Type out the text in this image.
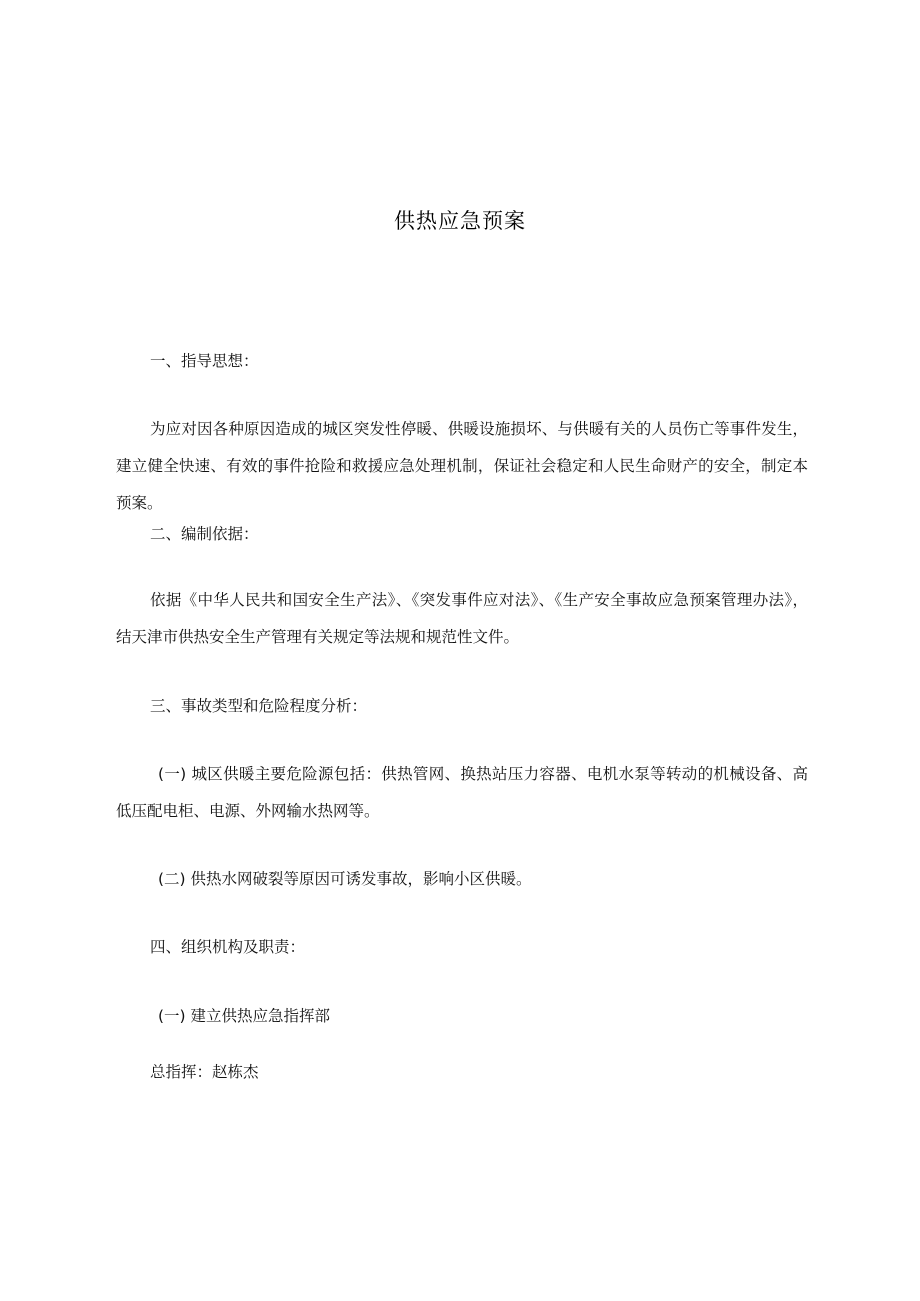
供热应急预案
一、指导思想：
为应对因各种原因造成的城区突发性停暖、供暖设施损坏、与供暖有关的人员伤亡等事件发生，建立健全快速、有效的事件抢险和救援应急处理机制，保证社会稳定和人民生命财产的安全，制定本预案。
二、编制依据：
依据《中华人民共和国安全生产法》、《突发事件应对法》、《生产安全事故应急预案管理办法》，结天津市供热安全生产管理有关规定等法规和规范性文件。
三、事故类型和危险程度分析：
(一) 城区供暖主要危险源包括：供热管网、换热站压力容器、电机水泵等转动的机械设备、高低压配电柜、电源、外网输水热网等。
(二) 供热水网破裂等原因可诱发事故，影响小区供暖。
四、组织机构及职责：
(一) 建立供热应急指挥部
总指挥：赵栋杰
